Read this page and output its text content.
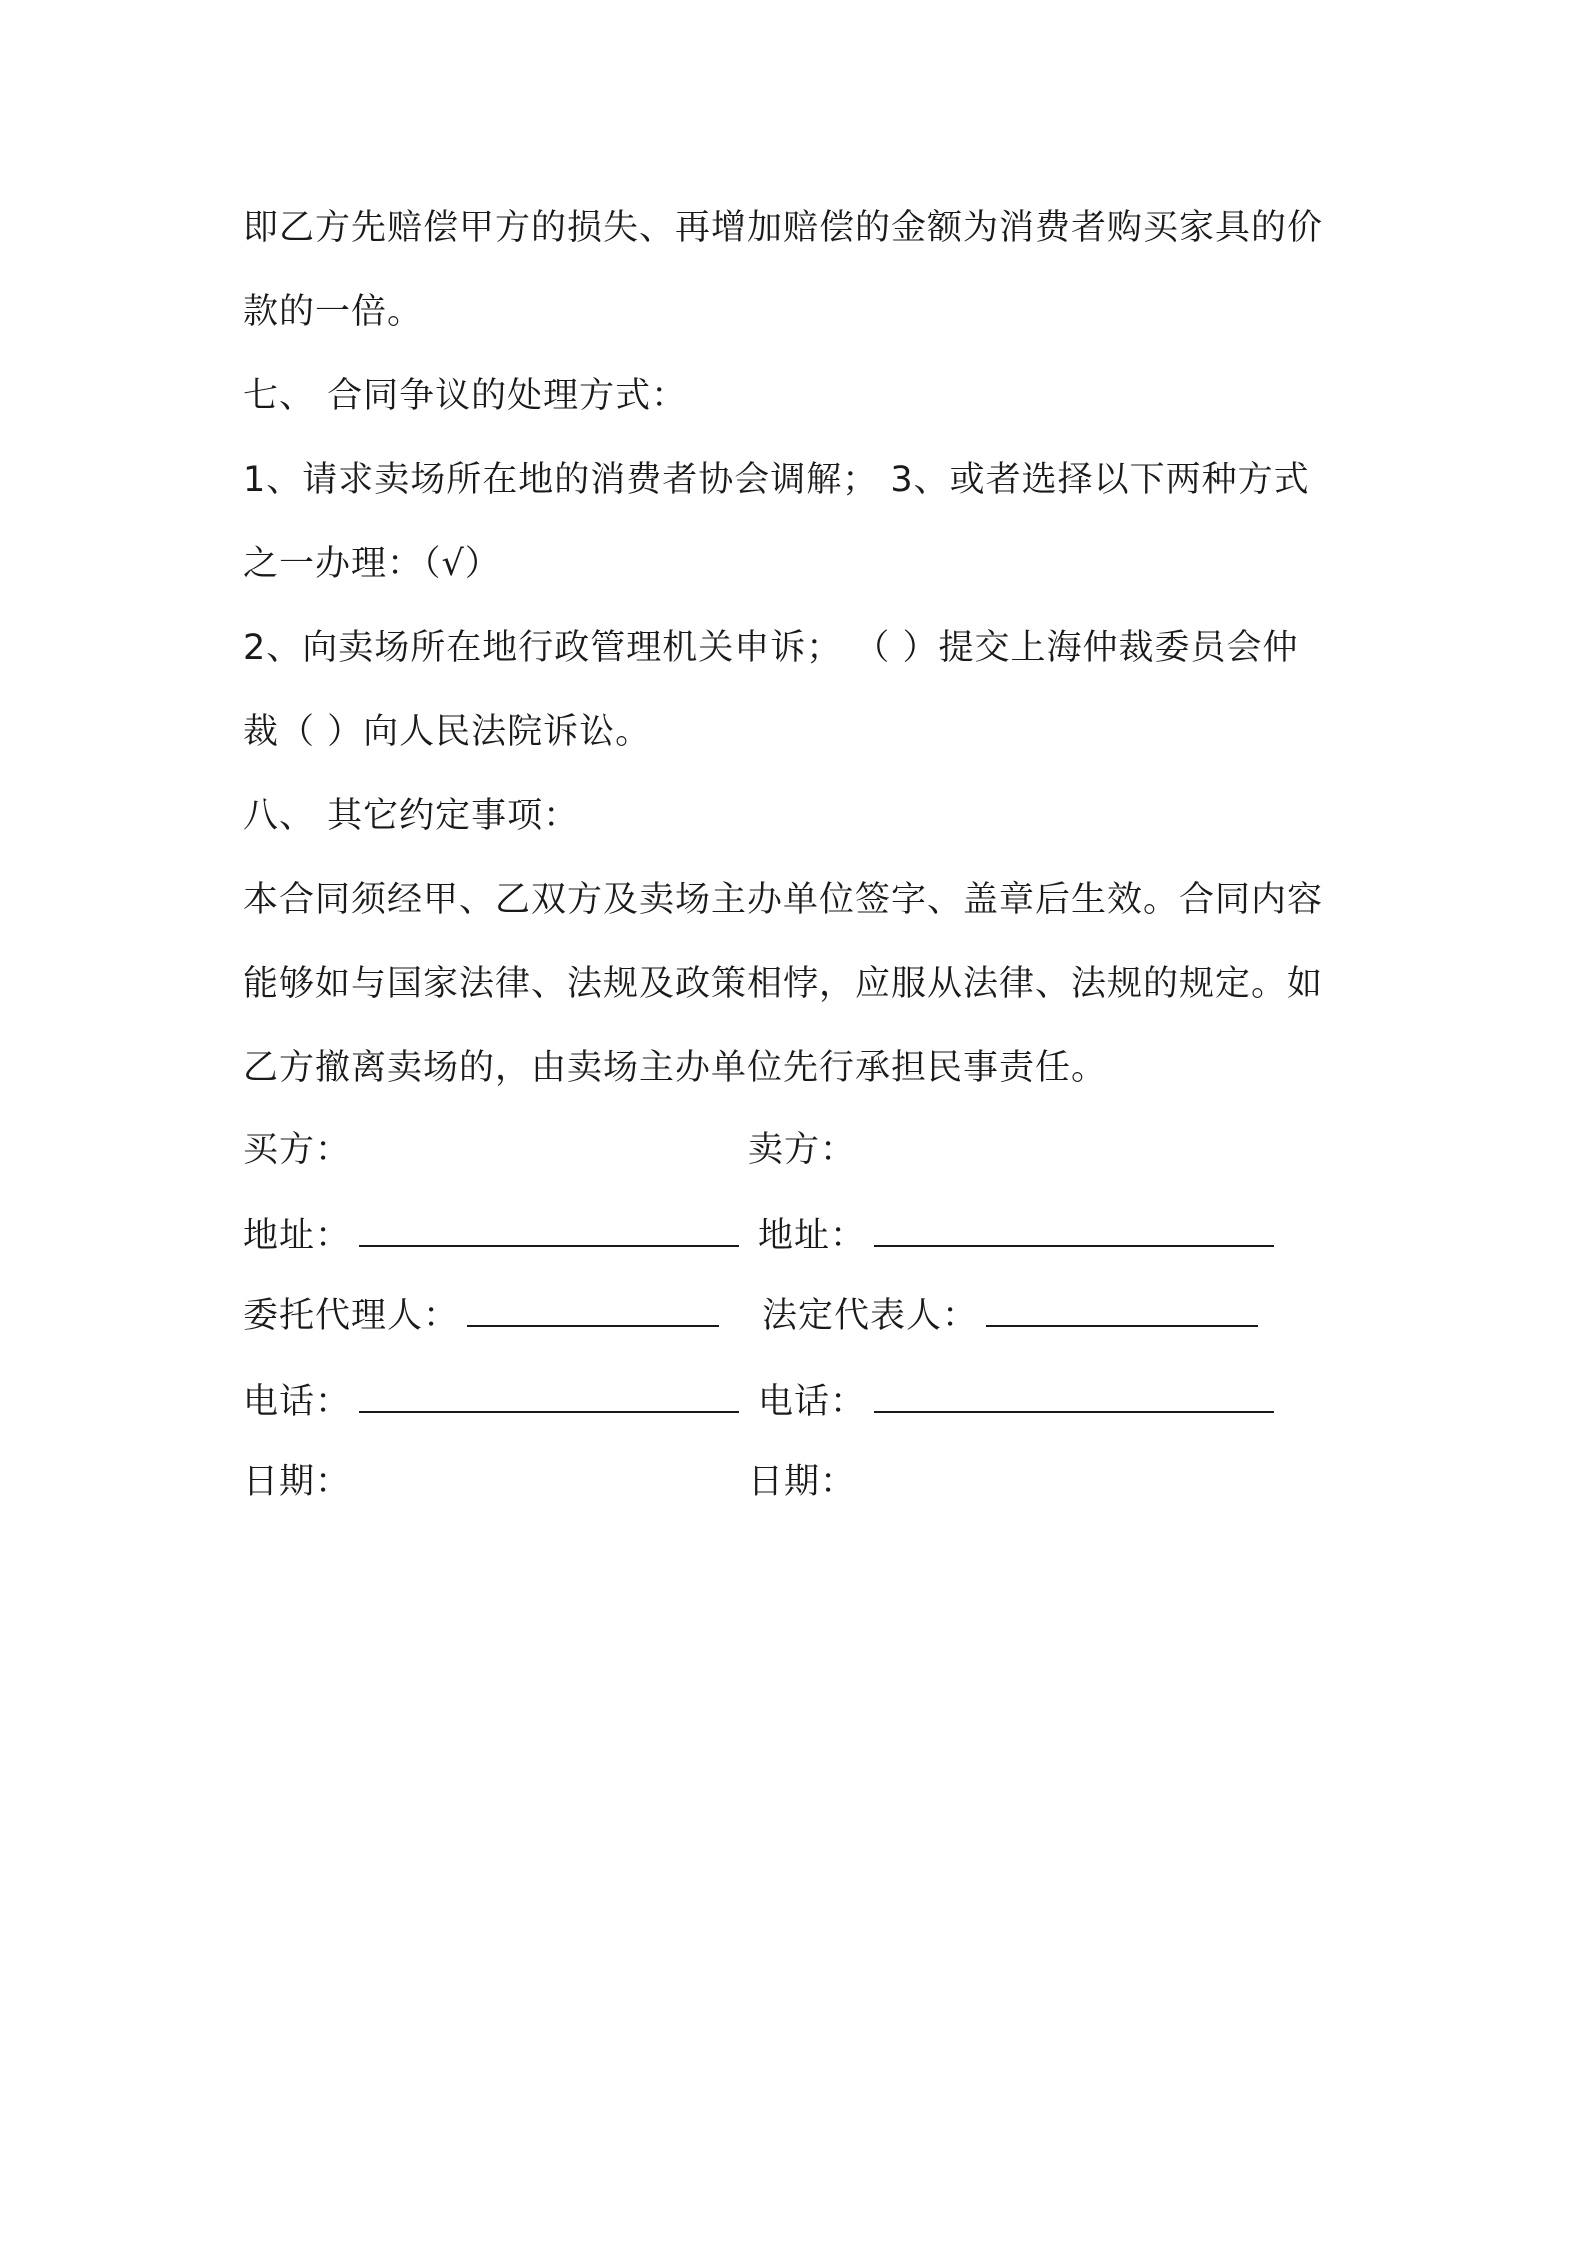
即乙方先赔偿甲方的损失、再增加赔偿的金额为消费者购买家具的价
款的一倍。
七、 合同争议的处理方式：
1、请求卖场所在地的消费者协会调解； 3、或者选择以下两种方式
之一办理：（√）
2、向卖场所在地行政管理机关申诉； （ ）提交上海仲裁委员会仲
裁（ ）向人民法院诉讼。
八、 其它约定事项：
本合同须经甲、乙双方及卖场主办单位签字、盖章后生效。合同内容
能够如与国家法律、法规及政策相悖，应服从法律、法规的规定。如
乙方撤离卖场的，由卖场主办单位先行承担民事责任。
买方：	卖方：
地址：	地址：
委托代理人：	法定代表人：
电话：	电话：
日期：	日期：
